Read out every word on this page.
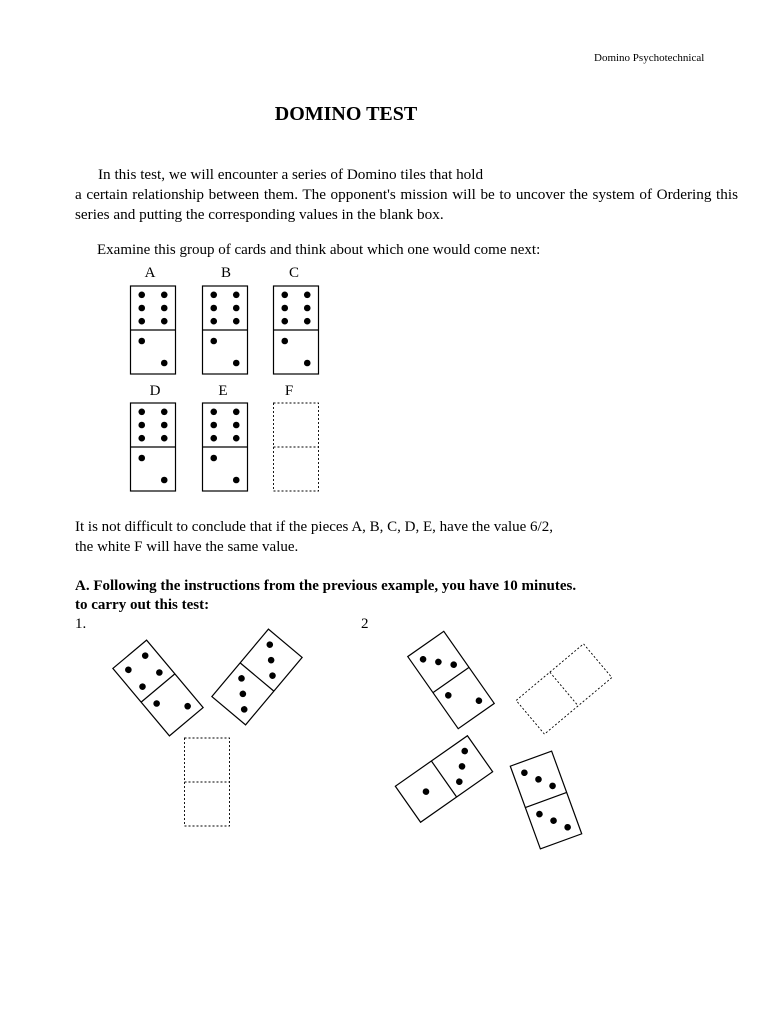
Domino Psychotechnical
DOMINO TEST
In this test, we will encounter a series of Domino tiles that hold
a certain relationship between them. The opponent's mission will be to uncover the system of Ordering this series and putting the corresponding values in the blank box.
Examine this group of cards and think about which one would come next:
It is not difficult to conclude that if the pieces A, B, C, D, E, have the value 6/2,
the white F will have the same value.
A. Following the instructions from the previous example, you have 10 minutes.
to carry out this test:
1.	2
A	B	C
D	E	F
